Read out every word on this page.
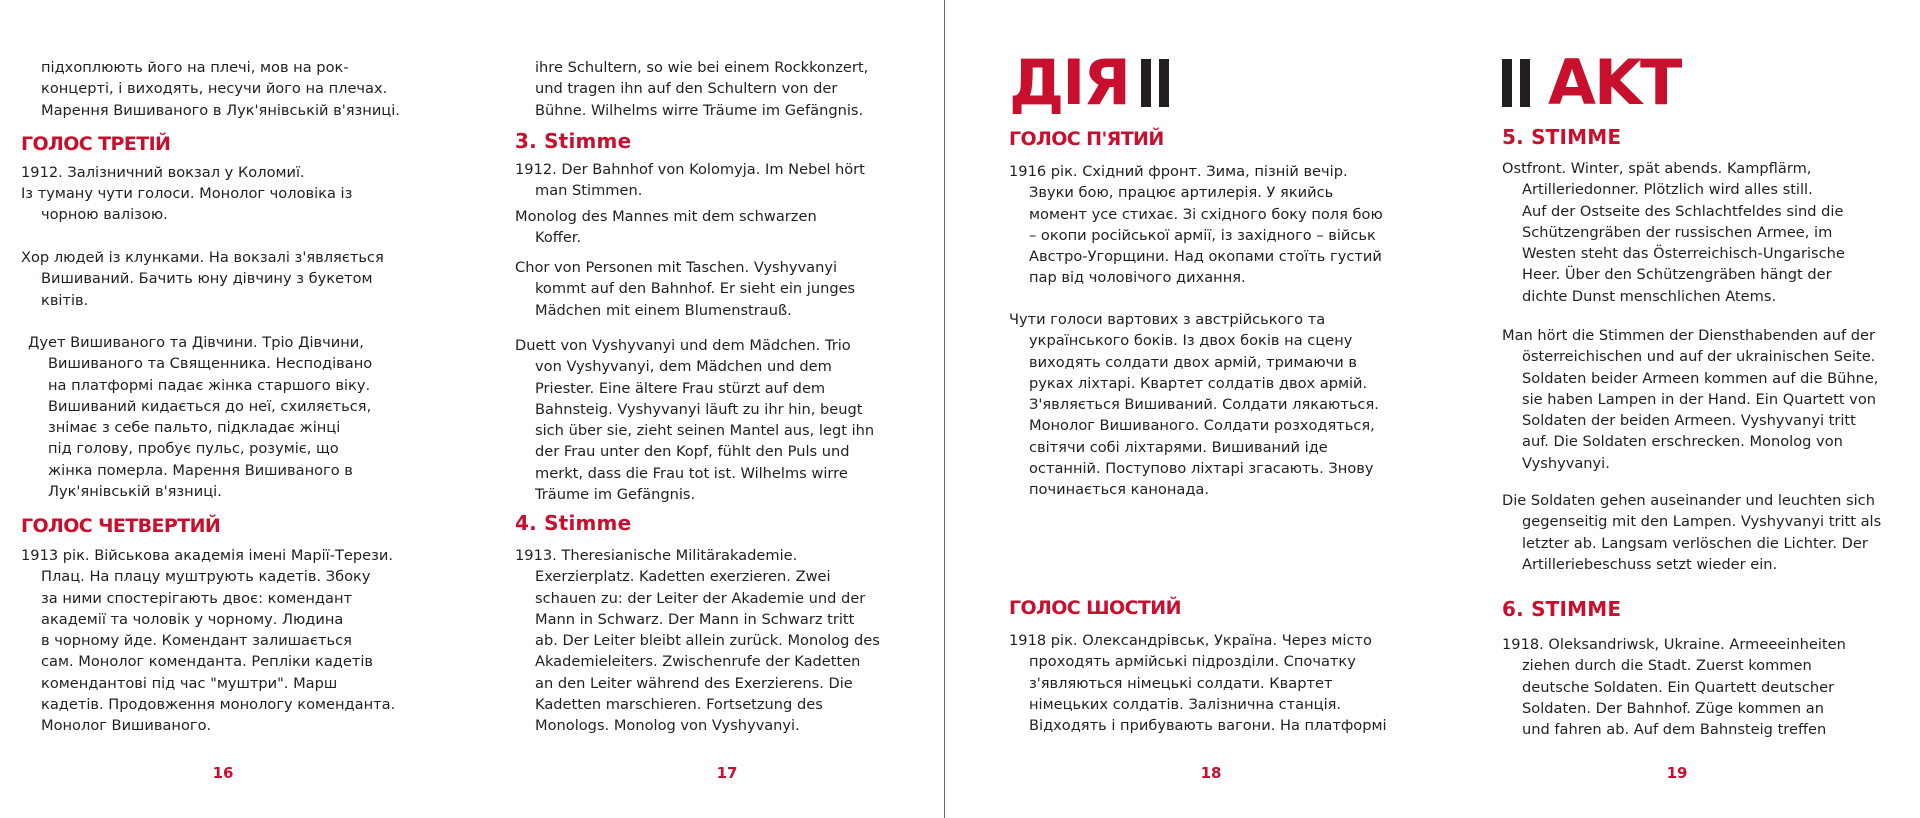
підхоплюють його на плечі, мов на рок-
концерті, і виходять, несучи його на плечах.
Марення Вишиваного в Лук'янівській в'язниці.

ГОЛОС ТРЕТІЙ

1912. Залізничний вокзал у Коломиї.

Із туману чути голоси. Монолог чоловіка із
чорною валізою.

Хор людей із клунками. На вокзалі з'являється
Вишиваний. Бачить юну дівчину з букетом
квітів.

Дует Вишиваного та Дівчини. Тріо Дівчини,
Вишиваного та Священника. Несподівано
на платформі падає жінка старшого віку.
Вишиваний кидається до неї, схиляється,
знімає з себе пальто, підкладає жінці
під голову, пробує пульс, розуміє, що
жінка померла. Марення Вишиваного в
Лук'янівській в'язниці.

ГОЛОС ЧЕТВЕРТИЙ

1913 рік. Військова академія імені Марії-Терези.
Плац. На плацу муштрують кадетів. Збоку
за ними спостерігають двоє: комендант
академії та чоловік у чорному. Людина
в чорному йде. Комендант залишається
сам. Монолог коменданта. Репліки кадетів
комендантові під час "муштри". Марш
кадетів. Продовження монологу коменданта.
Монолог Вишиваного.

16

ihre Schultern, so wie bei einem Rockkonzert,
und tragen ihn auf den Schultern von der
Bühne. Wilhelms wirre Träume im Gefängnis.

3. Stimme

1912. Der Bahnhof von Kolomyja. Im Nebel hört
man Stimmen.

Monolog des Mannes mit dem schwarzen
Koffer.

Chor von Personen mit Taschen. Vyshyvanyi
kommt auf den Bahnhof. Er sieht ein junges
Mädchen mit einem Blumenstrauß.

Duett von Vyshyvanyi und dem Mädchen. Trio
von Vyshyvanyi, dem Mädchen und dem
Priester. Eine ältere Frau stürzt auf dem
Bahnsteig. Vyshyvanyi läuft zu ihr hin, beugt
sich über sie, zieht seinen Mantel aus, legt ihn
der Frau unter den Kopf, fühlt den Puls und
merkt, dass die Frau tot ist. Wilhelms wirre
Träume im Gefängnis.

4. Stimme

1913. Theresianische Militärakademie.
Exerzierplatz. Kadetten exerzieren. Zwei
schauen zu: der Leiter der Akademie und der
Mann in Schwarz. Der Mann in Schwarz tritt
ab. Der Leiter bleibt allein zurück. Monolog des
Akademieleiters. Zwischenrufe der Kadetten
an den Leiter während des Exerzierens. Die
Kadetten marschieren. Fortsetzung des
Monologs. Monolog von Vyshyvanyi.

17
ДІЯ
ГОЛОС П'ЯТИЙ

1916 рік. Східний фронт. Зима, пізній вечір.
Звуки бою, працює артилерія. У якийсь
момент усе стихає. Зі східного боку поля бою
– окопи російської армії, із західного – військ
Австро-Угорщини. Над окопами стоїть густий
пар від чоловічого дихання.

Чути голоси вартових з австрійського та
українського боків. Із двох боків на сцену
виходять солдати двох армій, тримаючи в
руках ліхтарі. Квартет солдатів двох армій.
З'являється Вишиваний. Солдати лякаються.
Монолог Вишиваного. Солдати розходяться,
світячи собі ліхтарями. Вишиваний іде
останній. Поступово ліхтарі згасають. Знову
починається канонада.

ГОЛОС ШОСТИЙ

1918 рік. Олександрівськ, Україна. Через місто
проходять армійські підрозділи. Спочатку
з'являються німецькі солдати. Квартет
німецьких солдатів. Залізнична станція.
Відходять і прибувають вагони. На платформі

18
AKT
5. STIMME

Ostfront. Winter, spät abends. Kampflärm,
Artilleriedonner. Plötzlich wird alles still.
Auf der Ostseite des Schlachtfeldes sind die
Schützengräben der russischen Armee, im
Westen steht das Österreichisch-Ungarische
Heer. Über den Schützengräben hängt der
dichte Dunst menschlichen Atems.

Man hört die Stimmen der Diensthabenden auf der
österreichischen und auf der ukrainischen Seite.
Soldaten beider Armeen kommen auf die Bühne,
sie haben Lampen in der Hand. Ein Quartett von
Soldaten der beiden Armeen. Vyshyvanyi tritt
auf. Die Soldaten erschrecken. Monolog von
Vyshyvanyi.

Die Soldaten gehen auseinander und leuchten sich
gegenseitig mit den Lampen. Vyshyvanyi tritt als
letzter ab. Langsam verlöschen die Lichter. Der
Artilleriebeschuss setzt wieder ein.

6. STIMME

1918. Oleksandriwsk, Ukraine. Armeeeinheiten
ziehen durch die Stadt. Zuerst kommen
deutsche Soldaten. Ein Quartett deutscher
Soldaten. Der Bahnhof. Züge kommen an
und fahren ab. Auf dem Bahnsteig treffen

19
